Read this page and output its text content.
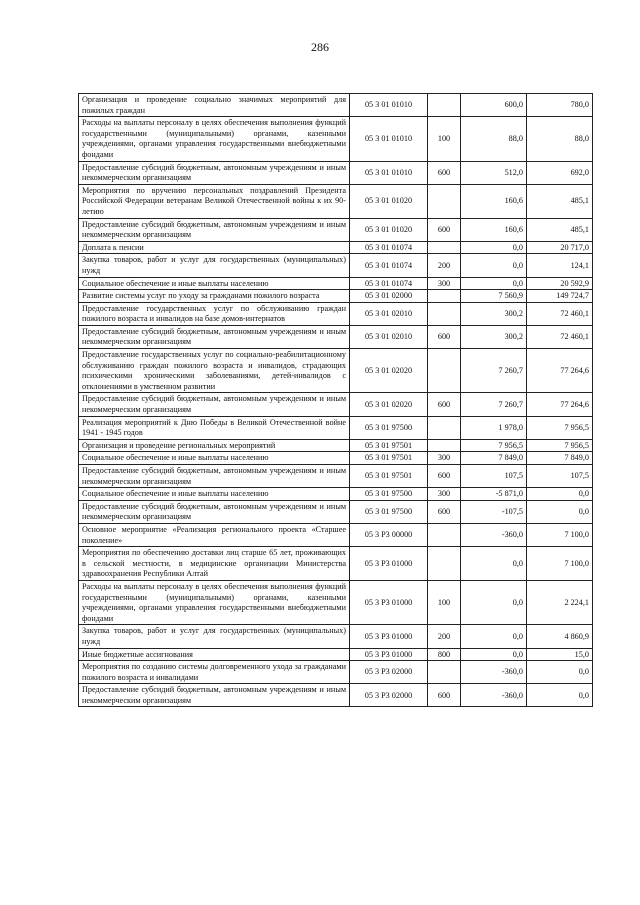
286
Организация и проведение социально значимых мероприятий для пожилых граждан	05 3 01 01010		600,0	780,0
Расходы на выплаты персоналу в целях обеспечения выполнения функций государственными (муниципальными) органами, казенными учреждениями, органами управления государственными внебюджетными фондами	05 3 01 01010	100	88,0	88,0
Предоставление субсидий бюджетным, автономным учреждениям и иным некоммерческим организациям	05 3 01 01010	600	512,0	692,0
Мероприятия по вручению персональных поздравлений Президента Российской Федерации ветеранам Великой Отечественной войны к их 90-летию	05 3 01 01020		160,6	485,1
Предоставление субсидий бюджетным, автономным учреждениям и иным некоммерческим организациям	05 3 01 01020	600	160,6	485,1
Доплата к пенсии	05 3 01 01074		0,0	20 717,0
Закупка товаров, работ и услуг для государственных (муниципальных) нужд	05 3 01 01074	200	0,0	124,1
Социальное обеспечение и иные выплаты населению	05 3 01 01074	300	0,0	20 592,9
Развитие системы услуг по уходу за гражданами пожилого возраста	05 3 01 02000		7 560,9	149 724,7
Предоставление государственных услуг по обслуживанию граждан пожилого возраста и инвалидов на базе домов-интернатов	05 3 01 02010		300,2	72 460,1
Предоставление субсидий бюджетным, автономным учреждениям и иным некоммерческим организациям	05 3 01 02010	600	300,2	72 460,1
Предоставление государственных услуг по социально-реабилитационному обслуживанию граждан пожилого возраста и инвалидов, страдающих психическими хроническими заболеваниями, детей-инвалидов с отклонениями в умственном развитии	05 3 01 02020		7 260,7	77 264,6
Предоставление субсидий бюджетным, автономным учреждениям и иным некоммерческим организациям	05 3 01 02020	600	7 260,7	77 264,6
Реализация мероприятий к Дню Победы в Великой Отечественной войне 1941 - 1945 годов	05 3 01 97500		1 978,0	7 956,5
Организация и проведение региональных мероприятий	05 3 01 97501		7 956,5	7 956,5
Социальное обеспечение и иные выплаты населению	05 3 01 97501	300	7 849,0	7 849,0
Предоставление субсидий бюджетным, автономным учреждениям и иным некоммерческим организациям	05 3 01 97501	600	107,5	107,5
Социальное обеспечение и иные выплаты населению	05 3 01 97500	300	-5 871,0	0,0
Предоставление субсидий бюджетным, автономным учреждениям и иным некоммерческим организациям	05 3 01 97500	600	-107,5	0,0
Основное мероприятие «Реализация регионального проекта «Старшее поколение»	05 3 P3 00000		-360,0	7 100,0
Мероприятия по обеспечению доставки лиц старше 65 лет, проживающих в сельской местности, в медицинские организации Министерства здравоохранения Республики Алтай	05 3 P3 01000		0,0	7 100,0
Расходы на выплаты персоналу в целях обеспечения выполнения функций государственными (муниципальными) органами, казенными учреждениями, органами управления государственными внебюджетными фондами	05 3 P3 01000	100	0,0	2 224,1
Закупка товаров, работ и услуг для государственных (муниципальных) нужд	05 3 P3 01000	200	0,0	4 860,9
Иные бюджетные ассигнования	05 3 P3 01000	800	0,0	15,0
Мероприятия по созданию системы долговременного ухода за гражданами пожилого возраста и инвалидами	05 3 P3 02000		-360,0	0,0
Предоставление субсидий бюджетным, автономным учреждениям и иным некоммерческим организациям	05 3 P3 02000	600	-360,0	0,0
